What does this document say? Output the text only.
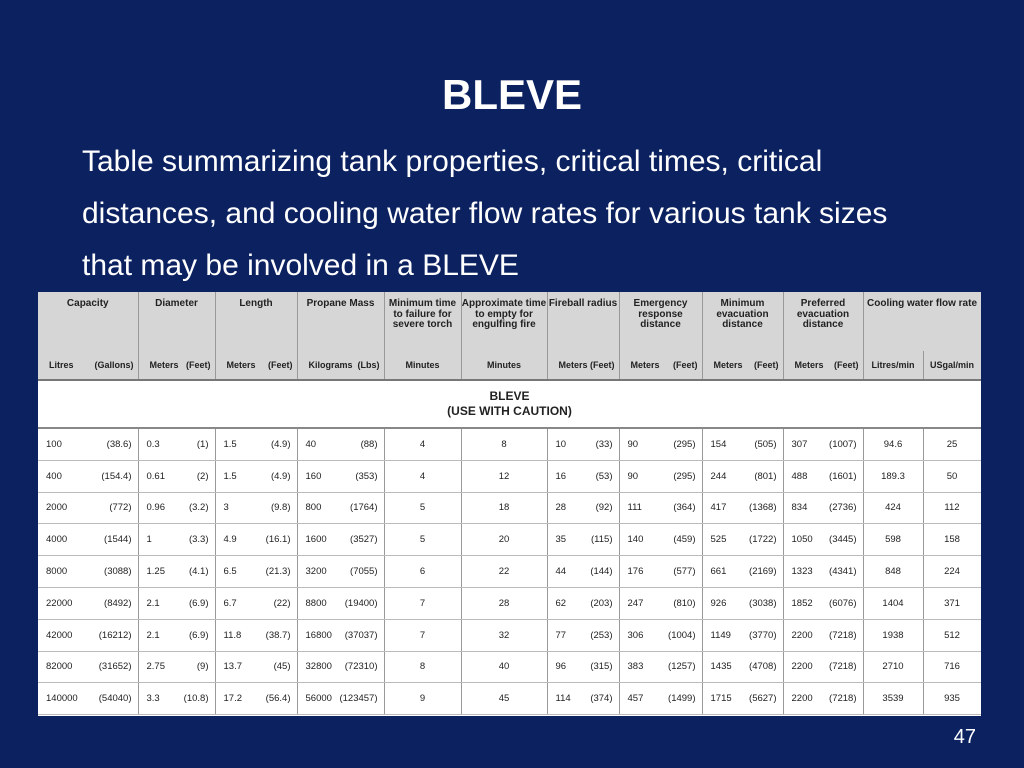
BLEVE
Table summarizing tank properties, critical times, critical distances, and cooling water flow rates for various tank sizes that may be involved in a BLEVE
BLEVE
(USE WITH CAUTION)											

Capacity	Diameter	Length	Propane Mass	Minimum time to failure for severe torch	Approximate time to empty for engulfing fire	Fireball radius	Emergency response distance	Minimum evacuation distance	Preferred evacuation distance	Cooling water flow rate	

Litres (Gallons)	Meters (Feet)	Meters (Feet)	Kilograms (Lbs)	Minutes	Minutes	Meters (Feet)	Meters (Feet)	Meters (Feet)	Meters (Feet)	Litres/min	USgal/min

100 (38.6)	0.3 (1)	1.5 (4.9)	40 (88)	4	8	10 (33)	90 (295)	154 (505)	307 (1007)	94.6	25

400 (154.4)	0.61 (2)	1.5 (4.9)	160 (353)	4	12	16 (53)	90 (295)	244 (801)	488 (1601)	189.3	50

2000 (772)	0.96 (3.2)	3 (9.8)	800 (1764)	5	18	28 (92)	111 (364)	417 (1368)	834 (2736)	424	112

4000 (1544)	1 (3.3)	4.9 (16.1)	1600 (3527)	5	20	35 (115)	140 (459)	525 (1722)	1050 (3445)	598	158

8000 (3088)	1.25 (4.1)	6.5 (21.3)	3200 (7055)	6	22	44 (144)	176 (577)	661 (2169)	1323 (4341)	848	224

22000 (8492)	2.1 (6.9)	6.7 (22)	8800 (19400)	7	28	62 (203)	247 (810)	926 (3038)	1852 (6076)	1404	371

42000 (16212)	2.1 (6.9)	11.8 (38.7)	16800 (37037)	7	32	77 (253)	306 (1004)	1149 (3770)	2200 (7218)	1938	512

82000 (31652)	2.75 (9)	13.7 (45)	32800 (72310)	8	40	96 (315)	383 (1257)	1435 (4708)	2200 (7218)	2710	716

140000 (54040)	3.3 (10.8)	17.2 (56.4)	56000 (123457)	9	45	114 (374)	457 (1499)	1715 (5627)	2200 (7218)	3539	935
47
